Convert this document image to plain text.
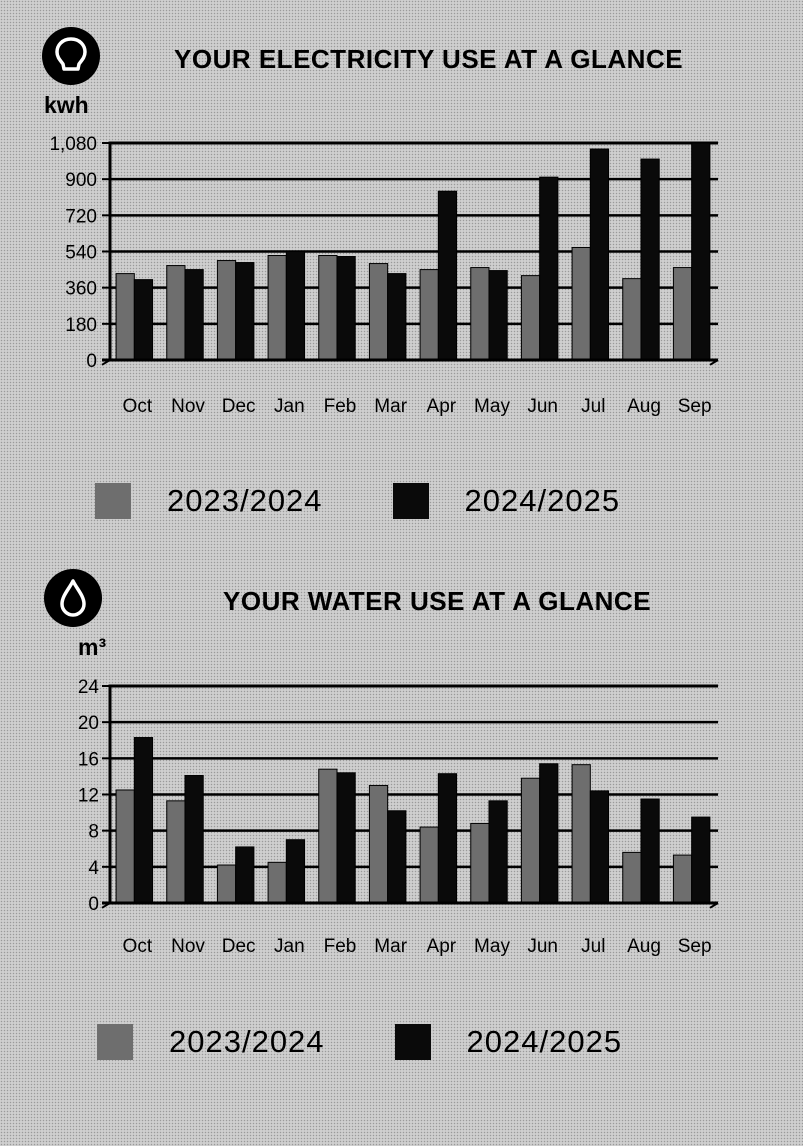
YOUR ELECTRICITY USE AT A GLANCE
kwh
0
180
360
540
720
900
1,080
Oct Nov Dec Jan Feb Mar Apr May Jun Jul Aug Sep
2023/2024	2024/2025
YOUR WATER USE AT A GLANCE
m³
0
4
8
12
16
20
24
Oct Nov Dec Jan Feb Mar Apr May Jun Jul Aug Sep
2023/2024	2024/2025
